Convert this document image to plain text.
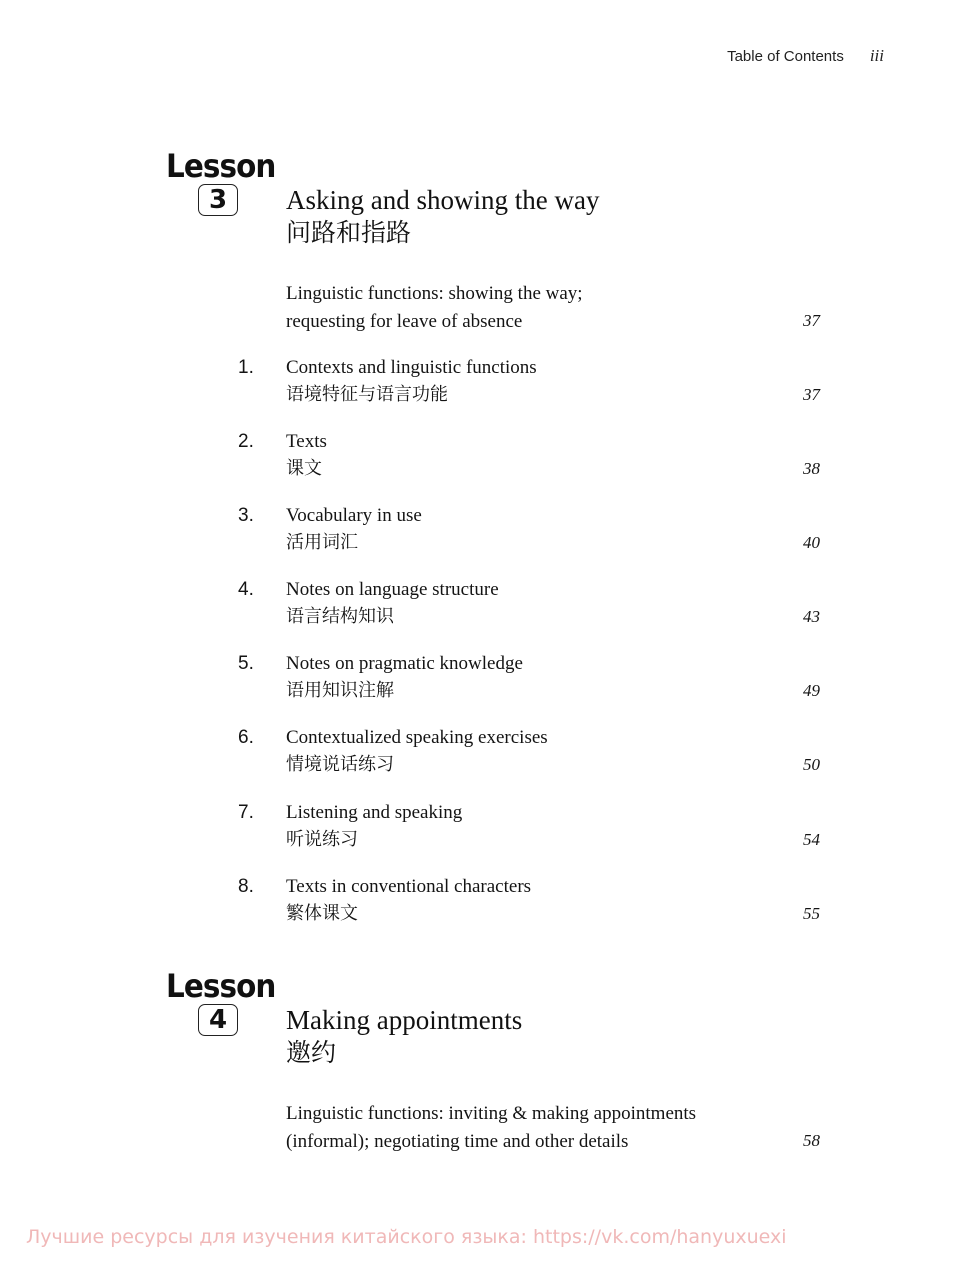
Table of Contents iii
Lesson
3	Asking and showing the way
问路和指路
Linguistic functions: showing the way;
requesting for leave of absence	37
1. Contexts and linguistic functions
语境特征与语言功能	37
2. Texts
课文	38
3. Vocabulary in use
活用词汇	40
4. Notes on language structure
语言结构知识	43
5. Notes on pragmatic knowledge
语用知识注解	49
6. Contextualized speaking exercises
情境说话练习	50
7. Listening and speaking
听说练习	54
8. Texts in conventional characters
繁体课文	55
Lesson
4	Making appointments
邀约
Linguistic functions: inviting & making appointments
(informal); negotiating time and other details	58
Лучшие ресурсы для изучения китайского языка: https://vk.com/hanyuxuexi
